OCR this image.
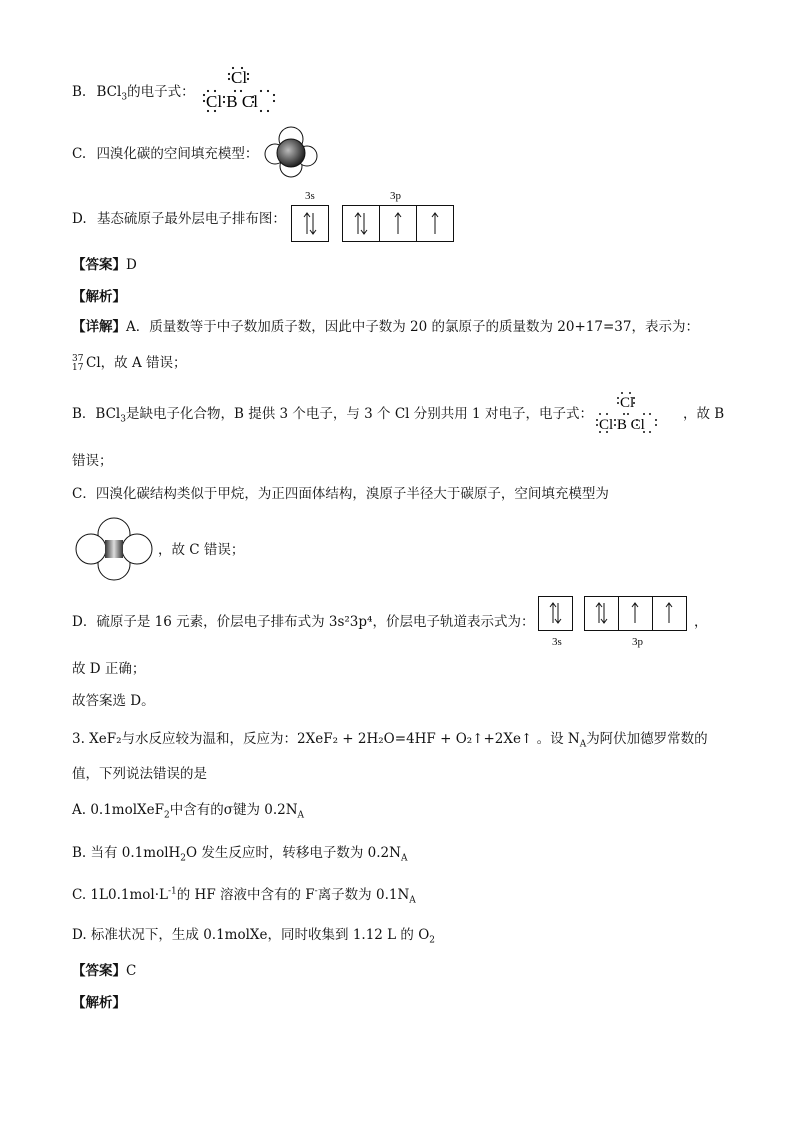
B. BCl$_3$的电子式：
Cl
Cl B Cl
C. 四溴化碳的空间填充模型：
D. 基态硫原子最外层电子排布图：
3s	3p
【答案】D
【解析】
【详解】A．质量数等于中子数加质子数，因此中子数为 20 的氯原子的质量数为 20+17=37，表示为：
37
17 Cl，故 A 错误；
B．BCl$_3$是缺电子化合物，B 提供 3 个电子，与 3 个 Cl 分别共用 1 对电子，电子式：
Cl
Cl B Cl
，故 B
错误；
C．四溴化碳结构类似于甲烷，为正四面体结构，溴原子半径大于碳原子，空间填充模型为
，故 C 错误；
D．硫原子是 16 元素，价层电子排布式为 3s²3p⁴，价层电子轨道表示式为：
3s	3p
，
故 D 正确；
故答案选 D。
3. XeF₂与水反应较为温和，反应为：2XeF₂ + 2H₂O=4HF + O₂↑+2Xe↑ 。设 $N_A$为阿伏加德罗常数的
值，下列说法错误的是
A. 0.1molXeF$_2$中含有的σ键为 $0.2N_A$
B. 当有 0.1molH$_2$O 发生反应时，转移电子数为 $0.2N_A$
C. $1L0.1mol\cdot L^{-1}$的 HF 溶液中含有的 F-离子数为 $0.1N_A$
D. 标准状况下，生成 0.1molXe，同时收集到 1.12 L 的 $O_2$
【答案】C
【解析】
